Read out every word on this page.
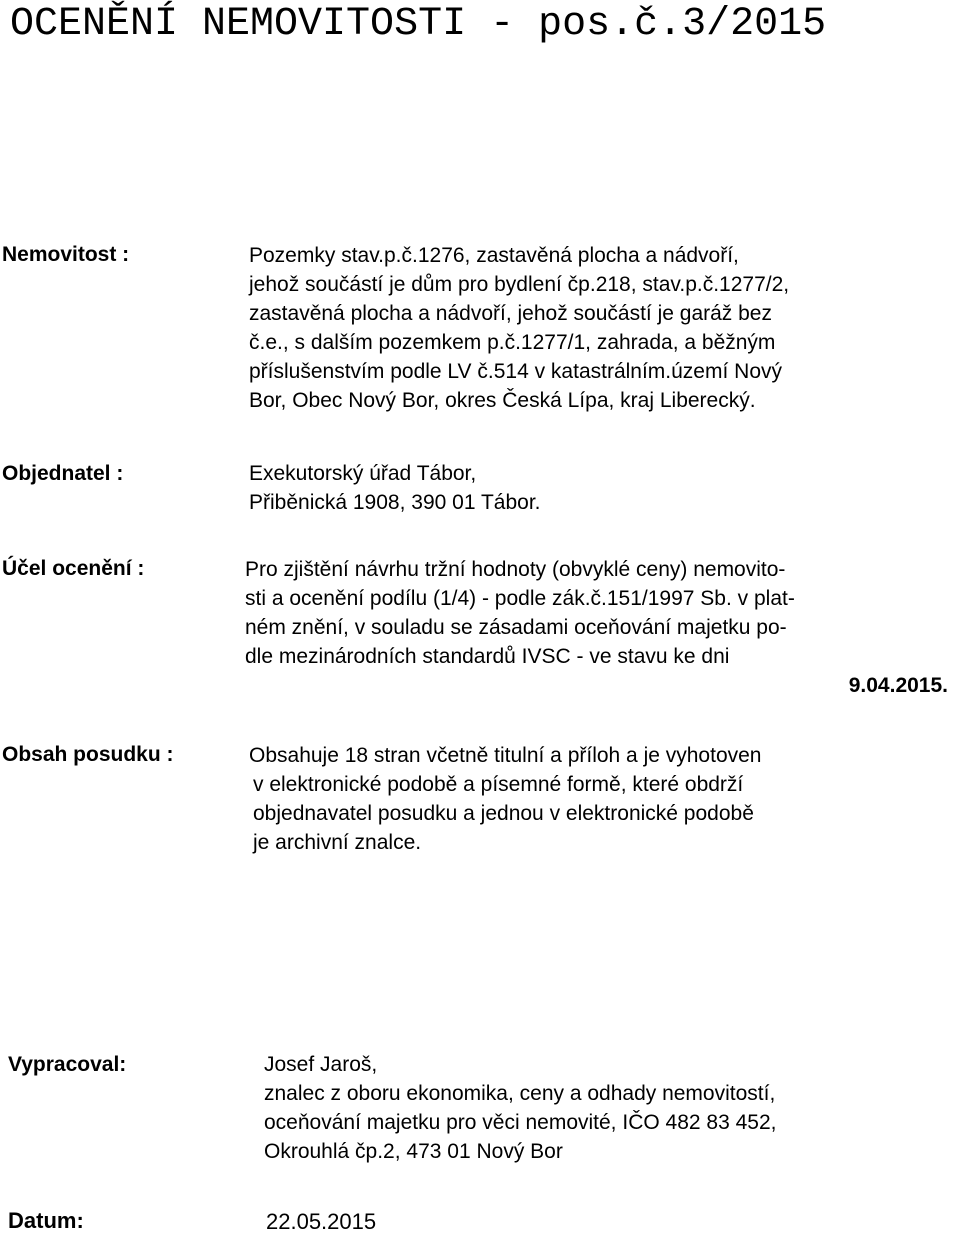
OCENĚNÍ NEMOVITOSTI - pos.č.3/2015
Nemovitost :	Pozemky stav.p.č.1276, zastavěná plocha a nádvoří,
jehož součástí je dům pro bydlení čp.218, stav.p.č.1277/2,
zastavěná plocha a nádvoří, jehož součástí je garáž bez
č.e., s dalším pozemkem p.č.1277/1, zahrada, a běžným
příslušenstvím podle LV č.514 v katastrálním.území Nový
Bor, Obec Nový Bor, okres Česká Lípa, kraj Liberecký.
Objednatel :	Exekutorský úřad Tábor,
Přiběnická 1908, 390 01 Tábor.
Účel ocenění :	Pro zjištění návrhu tržní hodnoty (obvyklé ceny) nemovito-
sti a ocenění podílu (1/4) - podle zák.č.151/1997 Sb. v plat-
ném znění, v souladu se zásadami oceňování majetku po-
dle mezinárodních standardů IVSC - ve stavu ke dni
9.04.2015.
Obsah posudku :	Obsahuje 18 stran včetně titulní a příloh a je vyhotoven
v elektronické podobě a písemné formě, které obdrží
objednavatel posudku a jednou v elektronické podobě
je archivní znalce.
Vypracoval:	Josef Jaroš,
znalec z oboru ekonomika, ceny a odhady nemovitostí,
oceňování majetku pro věci nemovité, IČO 482 83 452,
Okrouhlá čp.2, 473 01 Nový Bor
Datum:	22.05.2015
